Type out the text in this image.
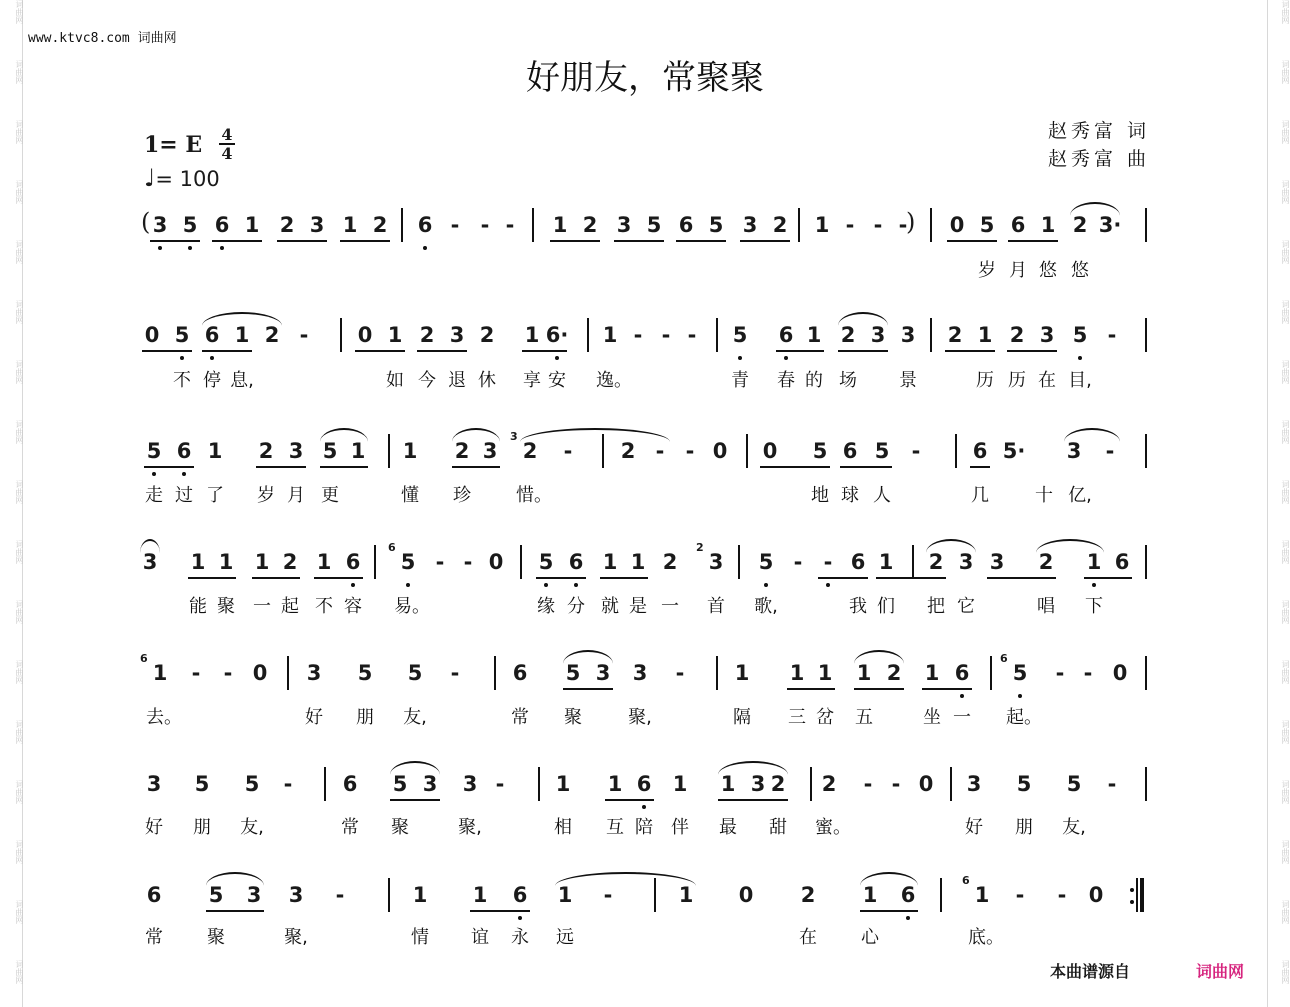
www.ktvc8.com 词曲网
好朋友，常聚聚
赵秀富 词
赵秀富 曲
1= E 4
4
♩= 100
3 5 6 1 2 3 1 2 6 -	- -	1 2 3 5 6 5 3 2 1 - - -	0 5 6 1 2 3·
(	)
岁 月 悠 悠
0 5 6 1 2 -	0 1 2 3 2 1 6· 1 - - -	5 6 1 2 3 3 2 1 2 3 5 -
不 停 息,	如 今 退 休 享 安 逸。	青 春 的 场 景	历 历 在 目,
5 6 1 2 3 5 1 1 2 3 2	-	2 -	- 0 0 5 6 5	-	6 5· 3	-
3
走 过 了 岁 月 更	懂 珍	惜。	地 球 人	几	十 亿,
3 1 1 1 2 1 6 5 - - 0 5 6 1 1 2 3 5 -	- 6 1 2 3 3 2 1 6
6	2
能 聚 一 起 不 容 易。	缘 分 就 是 一 首 歌,	我 们 把 它	唱 下
1	-	- 0 3 5 5	-	6 5 3 3	-	1 1 1 1 2 1 6 5	- - 0
6	6
去。	好 朋 友,	常 聚	聚,	隔 三 岔 五	坐 一 起。
3 5 5	-	6 5 3 3 -	1 1 6 1 1 3 2 2	- - 0 3 5 5	-
好 朋 友,	常 聚	聚,	相 互 陪 伴 最 甜 蜜。	好 朋 友,
6 5 3 3	-	1 1 6 1	-	1 0 2 1 6	1	-	-	0
6
常 聚	聚,	情 谊 永 远	在 心	底。
本曲谱源自	词曲网
词曲网
词曲网
词曲网
词曲网
词曲网
词曲网
词曲网
词曲网
词曲网
词曲网
词曲网
词曲网
词曲网
词曲网
词曲网
词曲网
词曲网
词曲网
词曲网
词曲网
词曲网
词曲网
词曲网
词曲网
词曲网
词曲网
词曲网
词曲网
词曲网
词曲网
词曲网
词曲网
词曲网
词曲网
